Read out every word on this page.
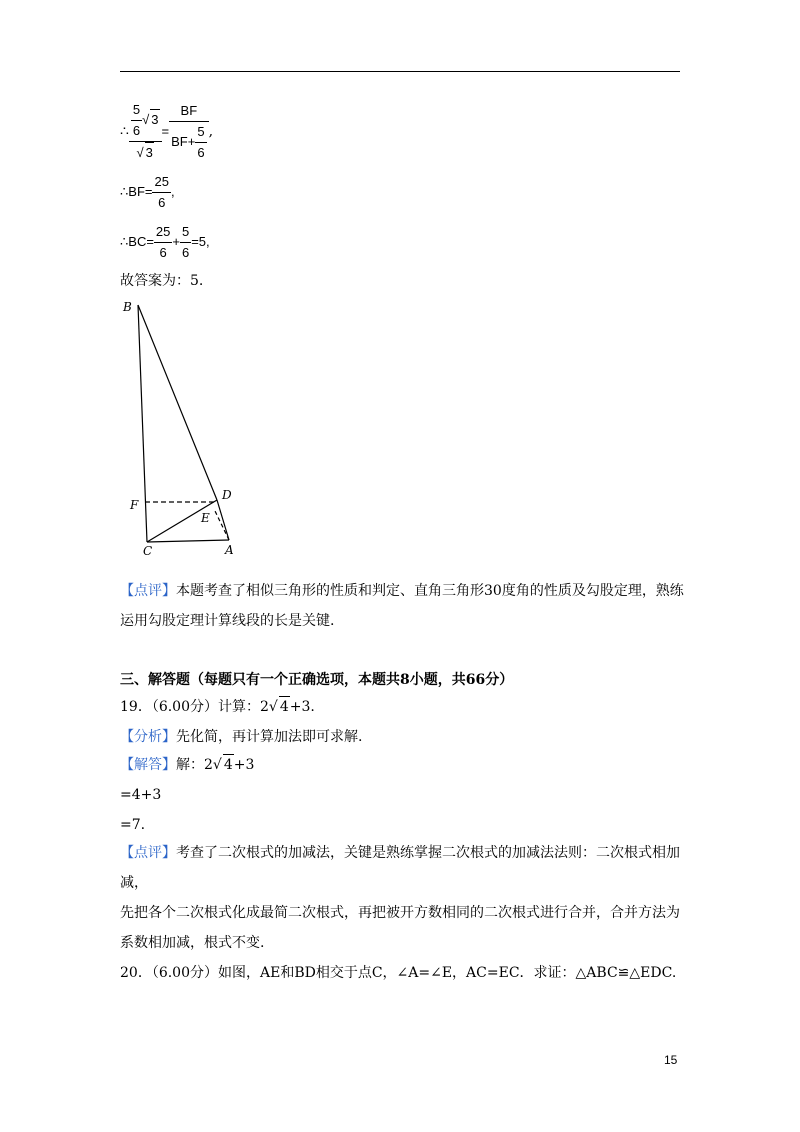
∴ $\frac{\frac{5}{6} √ 3}{√ 3} = \frac{BF}{BF+ \frac{5}{6}}$ ,
∴BF= $\frac{25}{6}$ ,
∴BC= $\frac{25}{6} + \frac{5}{6} =5$,
故答案为：5.
B
F
D
E
C	A
【点评】本题考查了相似三角形的性质和判定、直角三角形30度角的性质及勾股定理，熟练
运用勾股定理计算线段的长是关键.
三、解答题（每题只有一个正确选项，本题共8小题，共66分）
19．（6.00分）计算：2√ 4+3.
【分析】先化简，再计算加法即可求解.
【解答】解：2√ 4+3
=4+3
=7.
【点评】考查了二次根式的加减法，关键是熟练掌握二次根式的加减法法则：二次根式相加减，
先把各个二次根式化成最简二次根式，再把被开方数相同的二次根式进行合并，合并方法为
系数相加减，根式不变.
20．（6.00分）如图，AE和BD相交于点C，∠A=∠E，AC=EC．求证：△ABC≌△EDC.
15
